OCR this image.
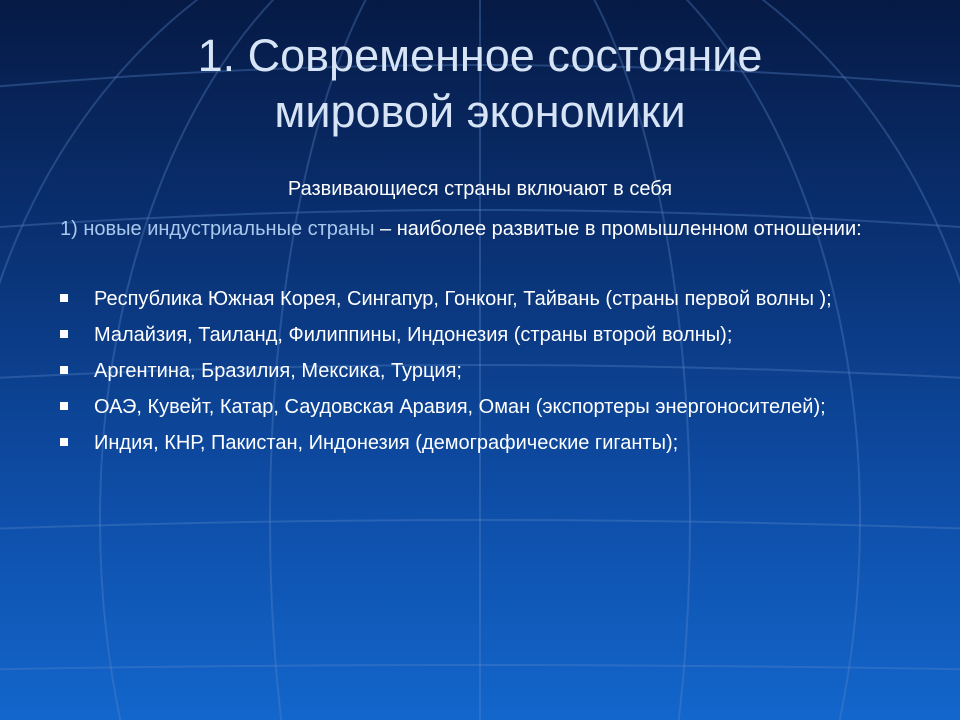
1. Современное состояние
мировой экономики
Развивающиеся страны включают в себя
1) новые индустриальные страны – наиболее развитые в промышленном отношении:
Республика Южная Корея, Сингапур, Гонконг, Тайвань (страны первой волны );
Малайзия, Таиланд, Филиппины, Индонезия (страны второй волны);
Аргентина, Бразилия, Мексика, Турция;
ОАЭ, Кувейт, Катар, Саудовская Аравия, Оман (экспортеры энергоносителей);
Индия, КНР, Пакистан, Индонезия (демографические гиганты);
